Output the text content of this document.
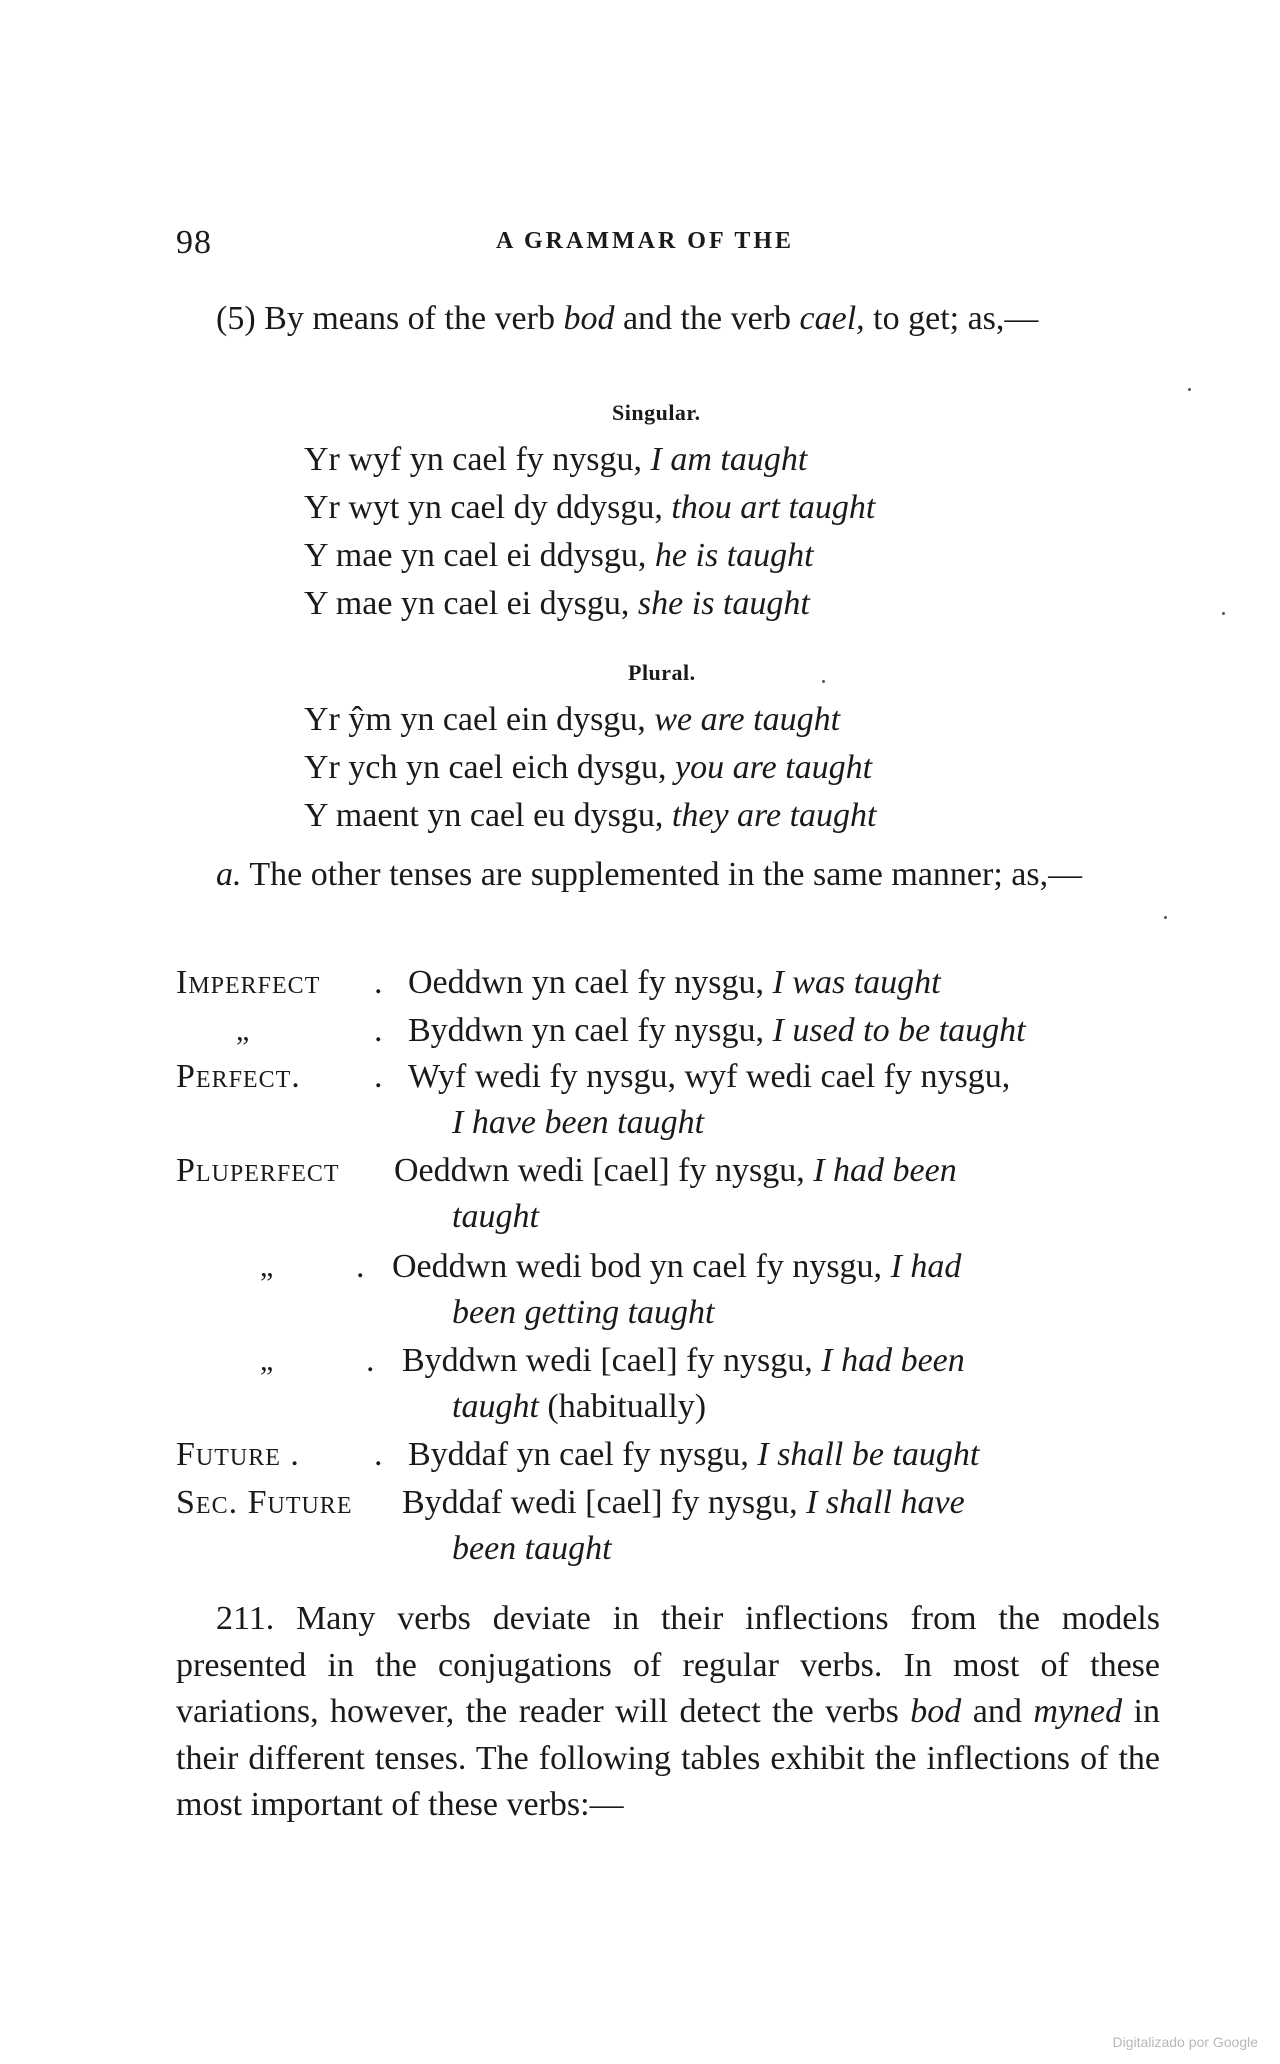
98	A GRAMMAR OF THE
(5) By means of the verb bod and the verb cael, to get; as,—
Singular.
Yr wyf yn cael fy nysgu, I am taught
Yr wyt yn cael dy ddysgu, thou art taught
Y mae yn cael ei ddysgu, he is taught
Y mae yn cael ei dysgu, she is taught
Plural.
Yr ŷm yn cael ein dysgu, we are taught
Yr ych yn cael eich dysgu, you are taught
Y maent yn cael eu dysgu, they are taught
a. The other tenses are supplemented in the same manner; as,—
Imperfect . Oeddwn yn cael fy nysgu, I was taught
„	. Byddwn yn cael fy nysgu, I used to be taught
Perfect. . Wyf wedi fy nysgu, wyf wedi cael fy nysgu,
I have been taught
Pluperfect Oeddwn wedi [cael] fy nysgu, I had been
taught
„ . Oeddwn wedi bod yn cael fy nysgu, I had
been getting taught
„	. Byddwn wedi [cael] fy nysgu, I had been
taught (habitually)
Future . . Byddaf yn cael fy nysgu, I shall be taught
Sec. Future Byddaf wedi [cael] fy nysgu, I shall have
been taught
211. Many verbs deviate in their inflections from the models presented in the conjugations of regular verbs. In most of these variations, however, the reader will detect the verbs bod and myned in their different tenses. The following tables exhibit the inflections of the most important of these verbs:—
Digitalizado por Google
